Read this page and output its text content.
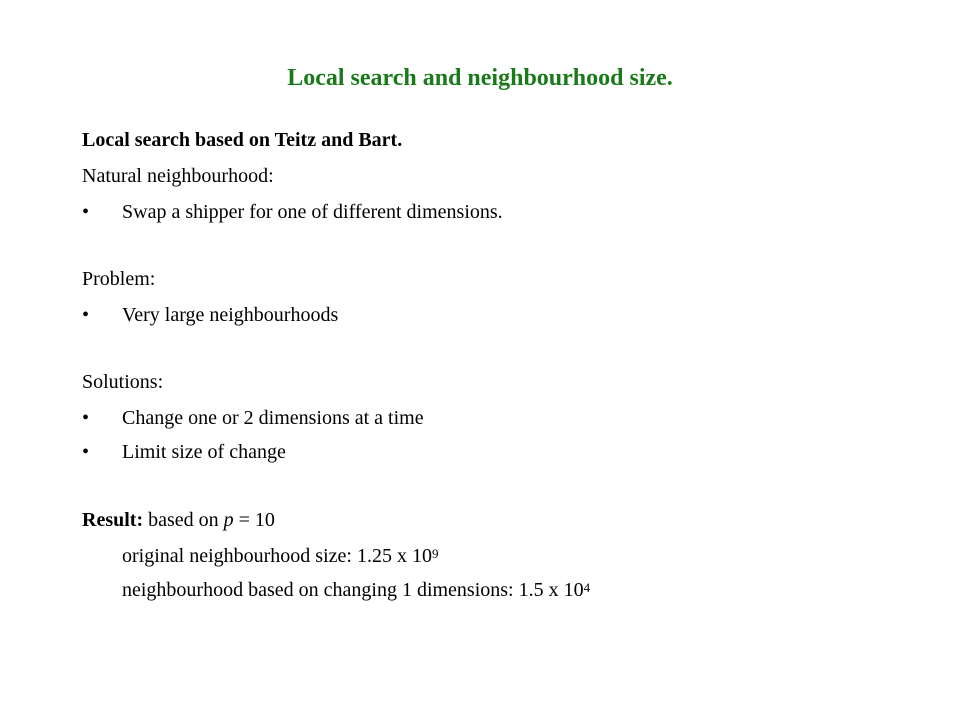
Local search and neighbourhood size.
Local search based on Teitz and Bart.
Natural neighbourhood:
• Swap a shipper for one of different dimensions.
Problem:
• Very large neighbourhoods
Solutions:
• Change one or 2 dimensions at a time
• Limit size of change
Result: based on p = 10
original neighbourhood size: 1.25 x $10^9$
neighbourhood based on changing 1 dimensions: 1.5 x $10^4$
